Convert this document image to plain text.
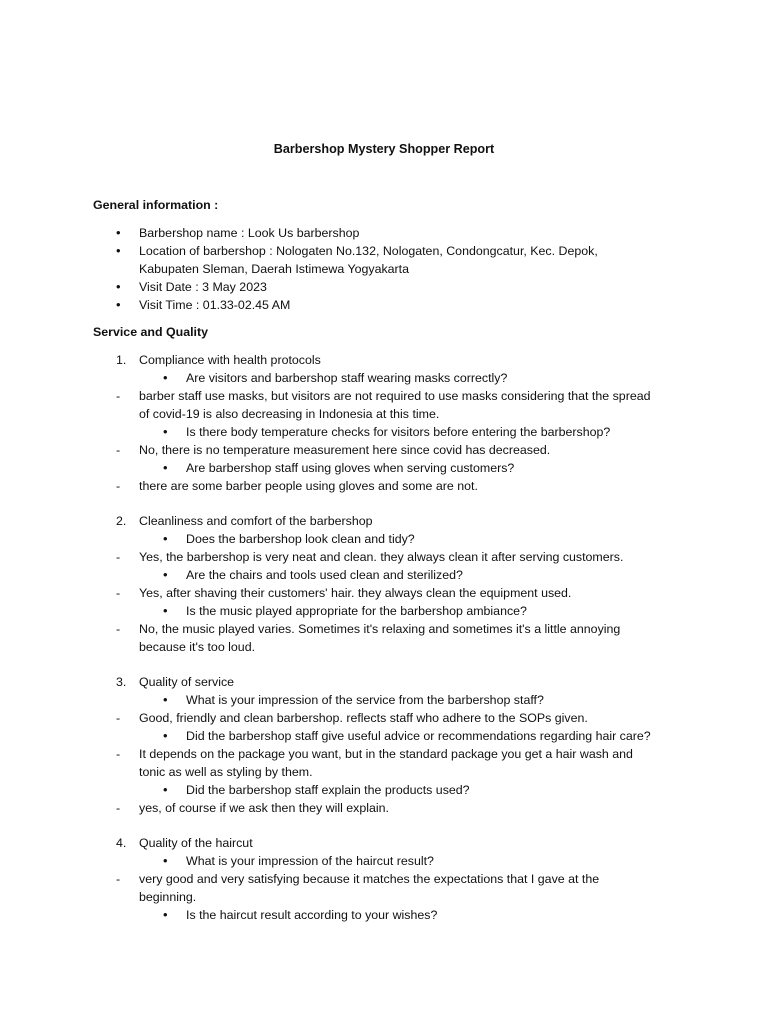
Barbershop Mystery Shopper Report
General information :
• Barbershop name : Look Us barbershop
• Location of barbershop : Nologaten No.132, Nologaten, Condongcatur, Kec. Depok,
Kabupaten Sleman, Daerah Istimewa Yogyakarta
• Visit Date : 3 May 2023
• Visit Time : 01.33-02.45 AM
Service and Quality
1. Compliance with health protocols
• Are visitors and barbershop staff wearing masks correctly?
- barber staff use masks, but visitors are not required to use masks considering that the spread
of covid-19 is also decreasing in Indonesia at this time.
• Is there body temperature checks for visitors before entering the barbershop?
- No, there is no temperature measurement here since covid has decreased.
• Are barbershop staff using gloves when serving customers?
- there are some barber people using gloves and some are not.
2. Cleanliness and comfort of the barbershop
• Does the barbershop look clean and tidy?
- Yes, the barbershop is very neat and clean. they always clean it after serving customers.
• Are the chairs and tools used clean and sterilized?
- Yes, after shaving their customers' hair. they always clean the equipment used.
• Is the music played appropriate for the barbershop ambiance?
- No, the music played varies. Sometimes it's relaxing and sometimes it's a little annoying
because it's too loud.
3. Quality of service
• What is your impression of the service from the barbershop staff?
- Good, friendly and clean barbershop. reflects staff who adhere to the SOPs given.
• Did the barbershop staff give useful advice or recommendations regarding hair care?
- It depends on the package you want, but in the standard package you get a hair wash and
tonic as well as styling by them.
• Did the barbershop staff explain the products used?
- yes, of course if we ask then they will explain.
4. Quality of the haircut
• What is your impression of the haircut result?
- very good and very satisfying because it matches the expectations that I gave at the
beginning.
• Is the haircut result according to your wishes?
